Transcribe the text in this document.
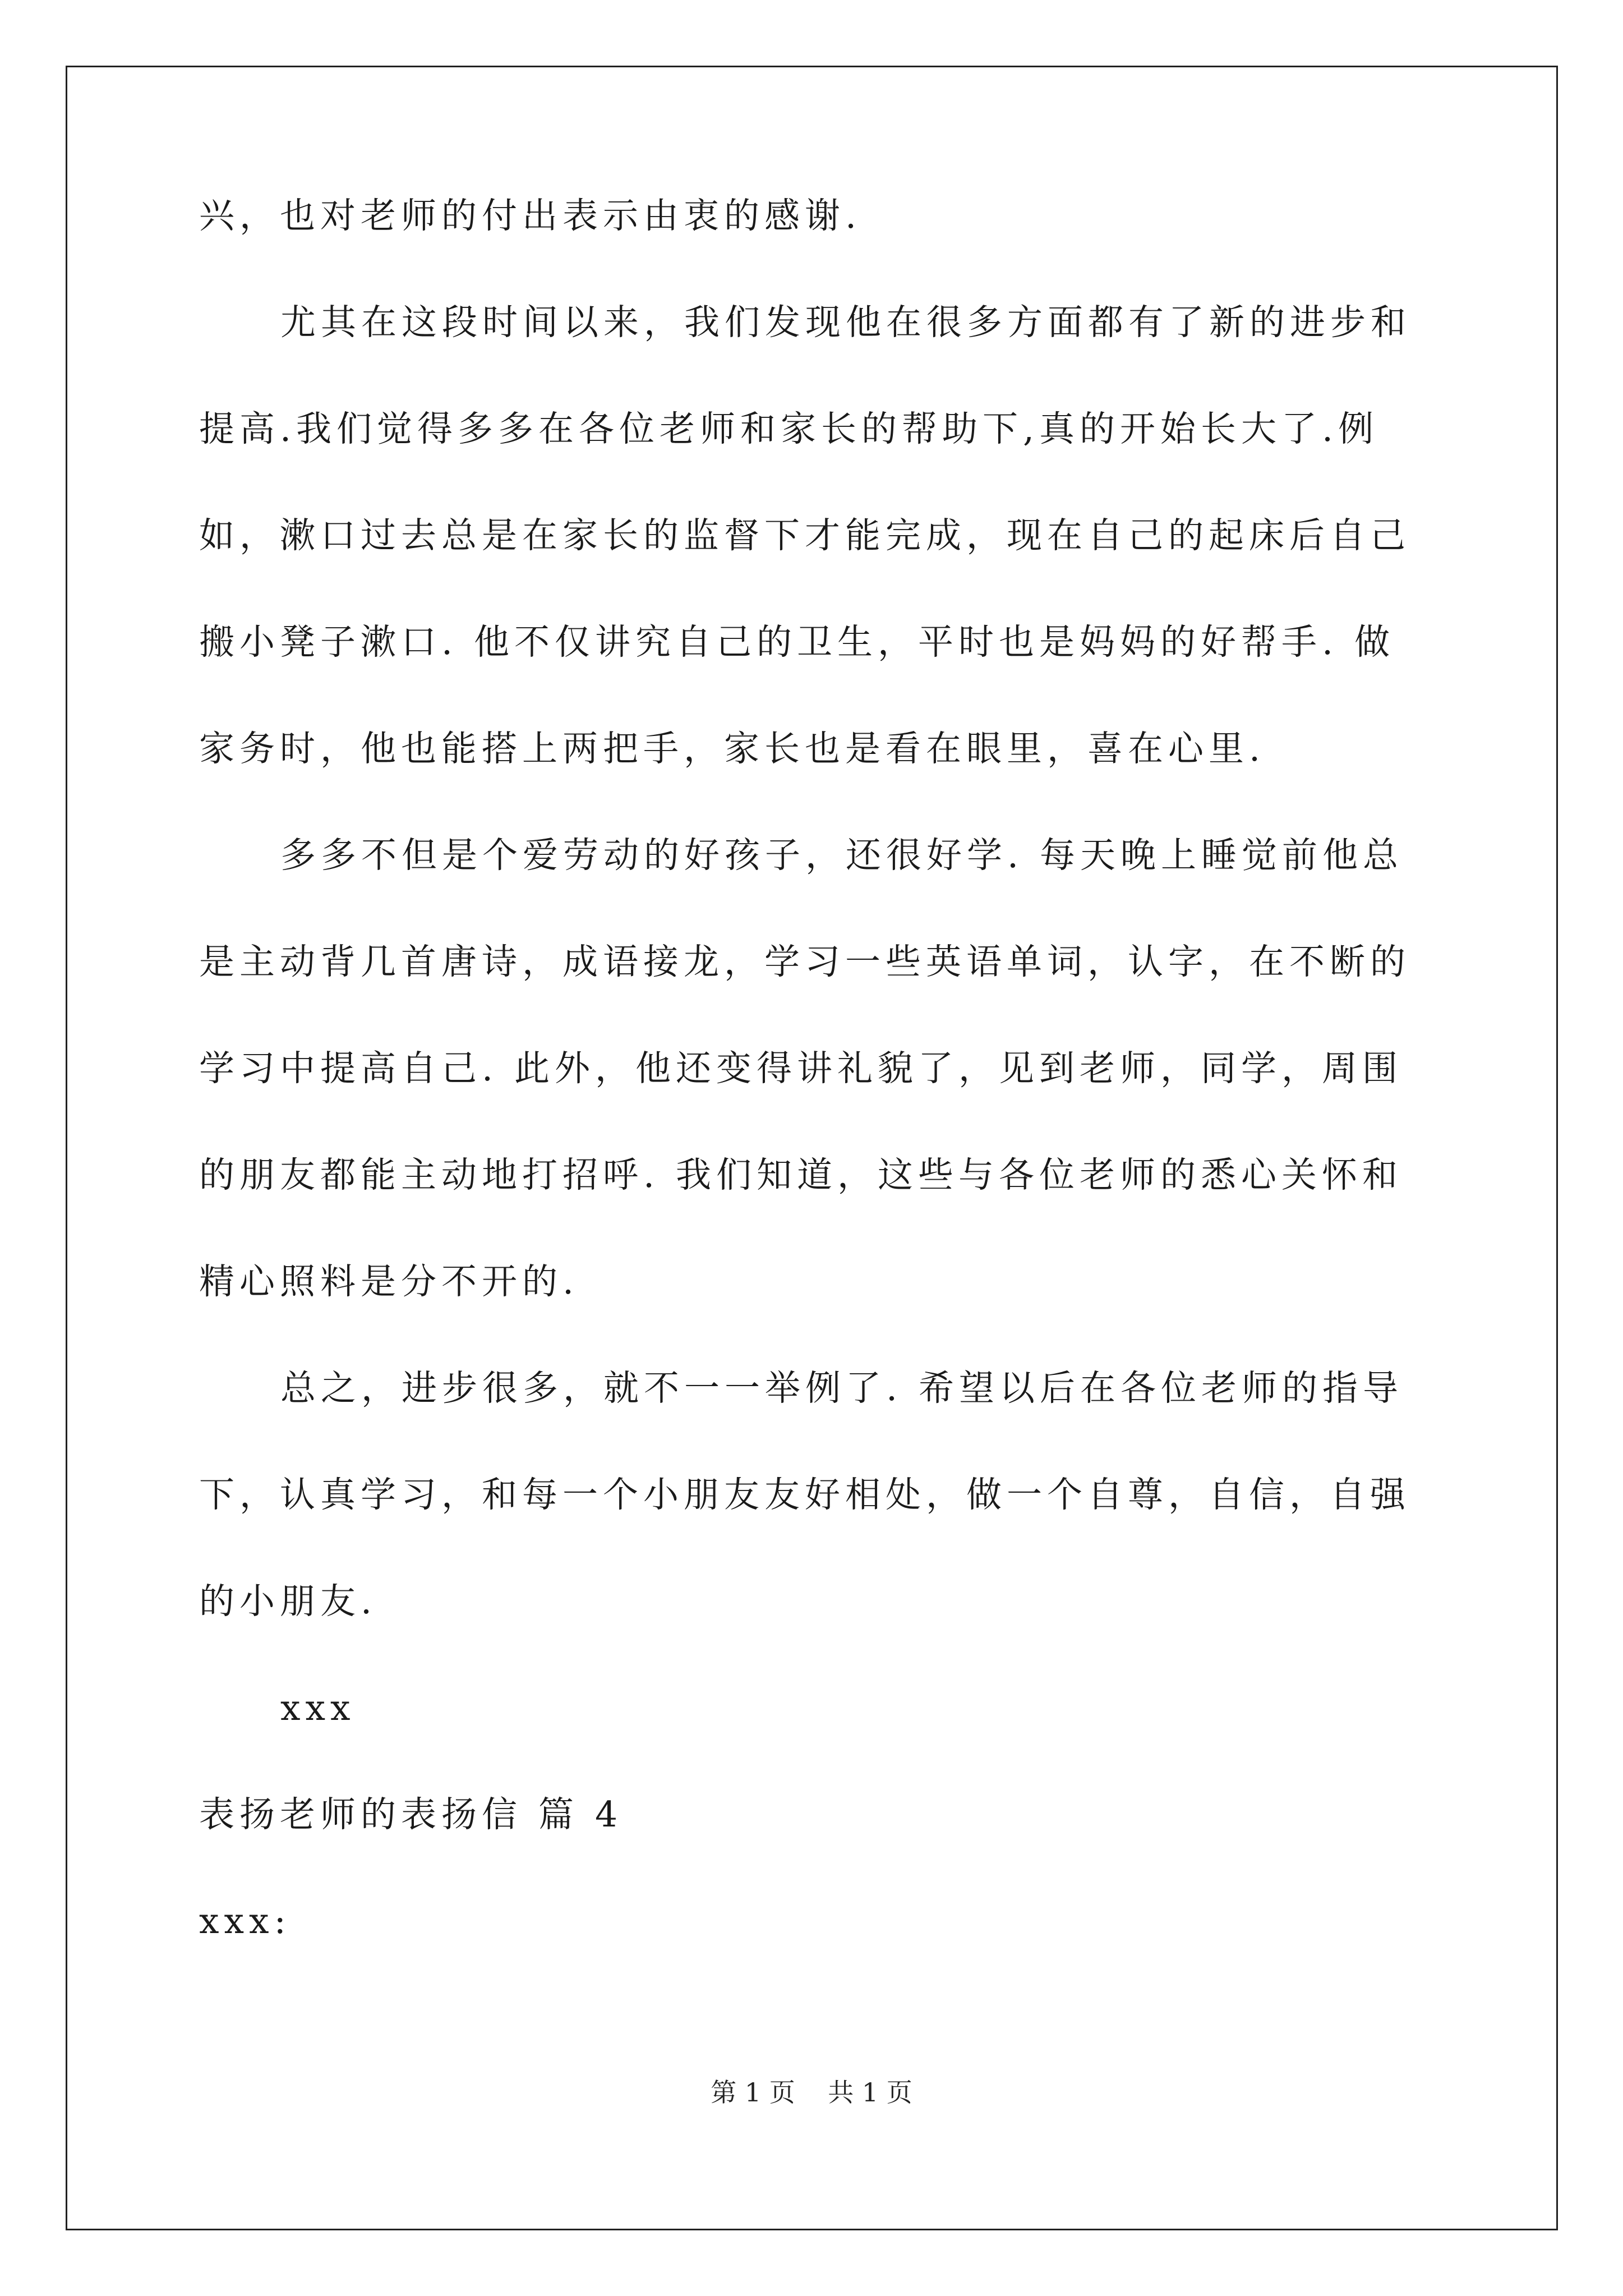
兴，也对老师的付出表示由衷的感谢.
尤其在这段时间以来，我们发现他在很多方面都有了新的进步和
提高.我们觉得多多在各位老师和家长的帮助下,真的开始长大了.例
如，漱口过去总是在家长的监督下才能完成，现在自己的起床后自己
搬小凳子漱口. 他不仅讲究自己的卫生，平时也是妈妈的好帮手. 做
家务时，他也能搭上两把手，家长也是看在眼里，喜在心里.
多多不但是个爱劳动的好孩子，还很好学. 每天晚上睡觉前他总
是主动背几首唐诗，成语接龙，学习一些英语单词，认字，在不断的
学习中提高自己. 此外，他还变得讲礼貌了，见到老师，同学，周围
的朋友都能主动地打招呼. 我们知道，这些与各位老师的悉心关怀和
精心照料是分不开的.
总之，进步很多，就不一一举例了. 希望以后在各位老师的指导
下，认真学习，和每一个小朋友友好相处，做一个自尊，自信，自强
的小朋友.
xxx
表扬老师的表扬信 篇 4
xxx:
第 1 页    共 1 页
